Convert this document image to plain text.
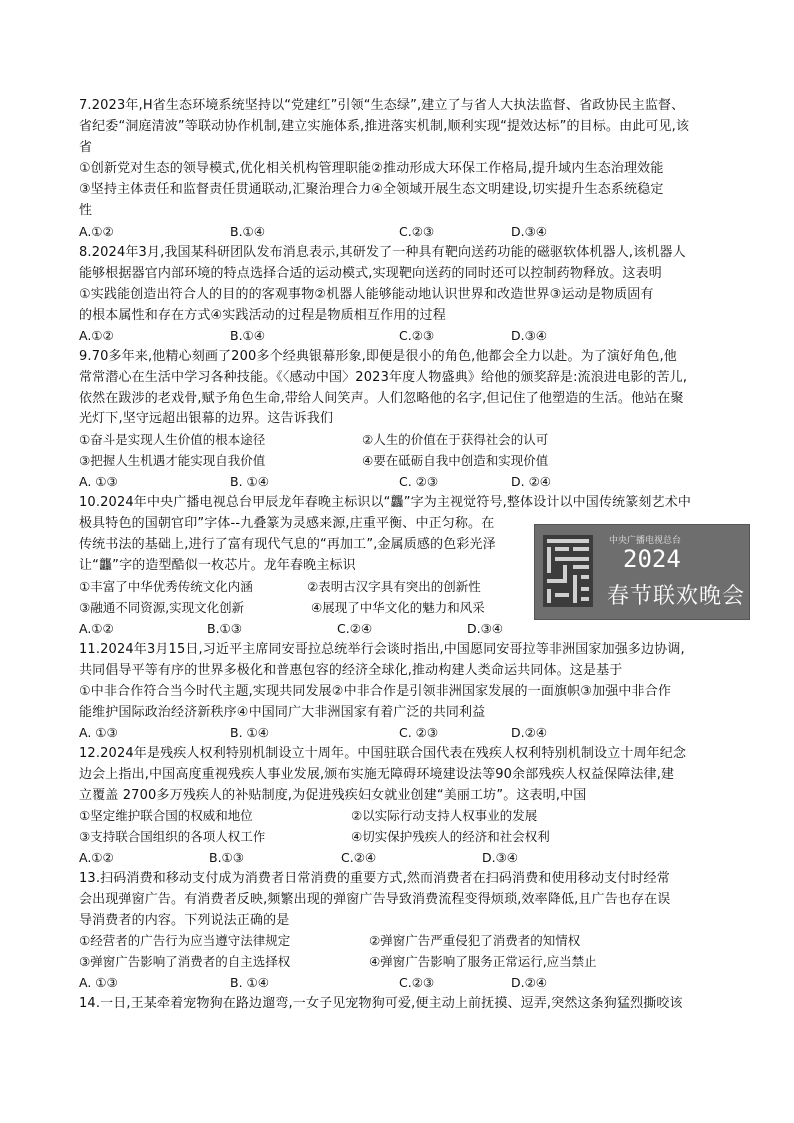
7.2023年,H省生态环境系统坚持以“党建红”引领“生态绿”,建立了与省人大执法监督、省政协民主监督、
省纪委“洞庭清波”等联动协作机制,建立实施体系,推进落实机制,顺利实现“提效达标”的目标。由此可见,该
省
①创新党对生态的领导模式,优化相关机构管理职能②推动形成大环保工作格局,提升域内生态治理效能
③坚持主体责任和监督责任贯通联动,汇聚治理合力④全领域开展生态文明建设,切实提升生态系统稳定
性
A.①②	B.①④	C.②③	D.③④
8.2024年3月,我国某科研团队发布消息表示,其研发了一种具有靶向送药功能的磁驱软体机器人,该机器人
能够根据器官内部环境的特点选择合适的运动模式,实现靶向送药的同时还可以控制药物释放。这表明
①实践能创造出符合人的目的的客观事物②机器人能够能动地认识世界和改造世界③运动是物质固有
的根本属性和存在方式④实践活动的过程是物质相互作用的过程
A.①②	B.①④	C.②③	D.③④
9.70多年来,他精心刻画了200多个经典银幕形象,即便是很小的角色,他都会全力以赴。为了演好角色,他
常常潜心在生活中学习各种技能。《〈感动中国〉2023年度人物盛典》给他的颁奖辞是:流浪进电影的苦儿,
依然在跋涉的老戏骨,赋予角色生命,带给人间笑声。人们忽略他的名字,但记住了他塑造的生活。他站在聚
光灯下,坚守远超出银幕的边界。这告诉我们
①奋斗是实现人生价值的根本途径	②人生的价值在于获得社会的认可
③把握人生机遇才能实现自我价值	④要在砥砺自我中创造和实现价值
A. ①③	B. ①④	C. ②③	D. ②④
10.2024年中央广播电视总台甲辰龙年春晚主标识以“龘”字为主视觉符号,整体设计以中国传统篆刻艺术中
极具特色的国朝官印”字体--九叠篆为灵感来源,庄重平衡、中正匀称。在
传统书法的基础上,进行了富有现代气息的“再加工”,金属质感的色彩光泽
让“龘”字的造型酷似一枚芯片。龙年春晚主标识
①丰富了中华优秀传统文化内涵	②表明古汉字具有突出的创新性
③融通不同资源,实现文化创新	④展现了中华文化的魅力和风采
A.①②	B.①③	C.②④	D.③④
中央广播电视总台
2024
春节联欢晚会
11.2024年3月15日,习近平主席同安哥拉总统举行会谈时指出,中国愿同安哥拉等非洲国家加强多边协调,
共同倡导平等有序的世界多极化和普惠包容的经济全球化,推动构建人类命运共同体。这是基于
①中非合作符合当今时代主题,实现共同发展②中非合作是引领非洲国家发展的一面旗帜③加强中非合作
能维护国际政治经济新秩序④中国同广大非洲国家有着广泛的共同利益
A. ①③	B. ①④	C. ②③	D.②④
12.2024年是残疾人权利特别机制设立十周年。中国驻联合国代表在残疾人权利特别机制设立十周年纪念
边会上指出,中国高度重视残疾人事业发展,颁布实施无障碍环境建设法等90余部残疾人权益保障法律,建
立覆盖 2700多万残疾人的补贴制度,为促进残疾妇女就业创建“美丽工坊”。这表明,中国
①坚定维护联合国的权威和地位	②以实际行动支持人权事业的发展
③支持联合国组织的各项人权工作	④切实保护残疾人的经济和社会权利
A.①②	B.①③	C.②④	D.③④
13.扫码消费和移动支付成为消费者日常消费的重要方式,然而消费者在扫码消费和使用移动支付时经常
会出现弹窗广告。有消费者反映,频繁出现的弹窗广告导致消费流程变得烦琐,效率降低,且广告也存在误
导消费者的内容。下列说法正确的是
①经营者的广告行为应当遵守法律规定	②弹窗广告严重侵犯了消费者的知情权
③弹窗广告影响了消费者的自主选择权	④弹窗广告影响了服务正常运行,应当禁止
A. ①③	B. ①④	C.②③	D.②④
14.一日,王某牵着宠物狗在路边遛弯,一女子见宠物狗可爱,便主动上前抚摸、逗弄,突然这条狗猛烈撕咬该
